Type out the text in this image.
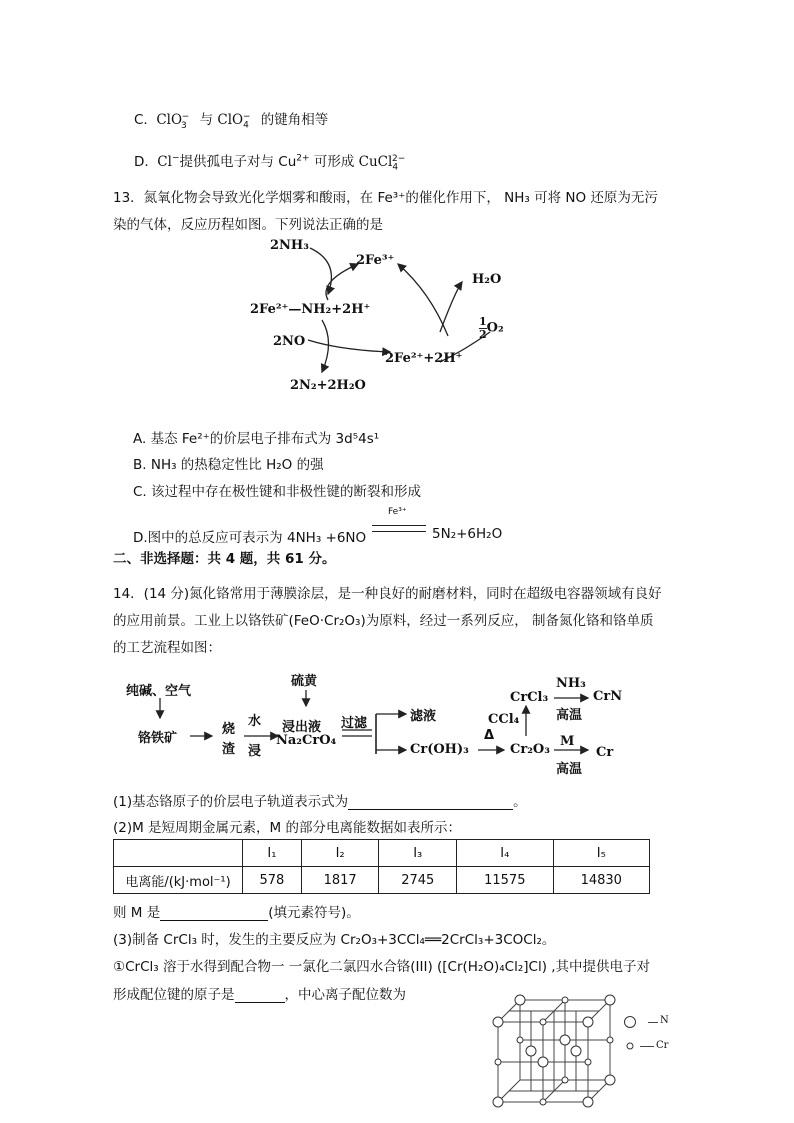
C. ClO$_3$− 与 ClO$_4$− 的键角相等
D. Cl−提供孤电子对与 $Cu^{2+}$ 可形成 CuCl$_4^{2-}$
13．氮氧化物会导致光化学烟雾和酸雨，在 Fe³⁺的催化作用下， NH₃ 可将 NO 还原为无污
染的气体，反应历程如图。下列说法正确的是
2NH₃
2Fe³⁺
H₂O
2Fe²⁺—NH₂+2H⁺
$\frac{1}{2} O_2$
2NO
2Fe²⁺+2H⁺
2N₂+2H₂O
A. 基态 Fe²⁺的价层电子排布式为 3d⁵4s¹
B. NH₃ 的热稳定性比 H₂O 的强
C. 该过程中存在极性键和非极性键的断裂和形成
D.图中的总反应可表示为 4NH₃ +6NO
Fe³⁺
5N₂+6H₂O
二、非选择题：共 4 题，共 61 分。
14．(14 分)氮化铬常用于薄膜涂层，是一种良好的耐磨材料，同时在超级电容器领域有良好
的应用前景。工业上以铬铁矿(FeO·Cr₂O₃)为原料，经过一系列反应， 制备氮化铬和铬单质
的工艺流程如图：
纯碱、空气
铬铁矿
烧
渣
水
浸
硫黄
浸出液
Na₂CrO₄
过滤	滤液
Cr(OH)₃
Δ
Cr₂O₃
CCl₄
CrCl₃
NH₃
高温
CrN
M
高温
Cr
(1)基态铬原子的价层电子轨道表示式为	。
(2)M 是短周期金属元素，M 的部分电离能数据如表所示：
	I₁	I₂	I₃	I₄	I₅
电离能/(kJ·mol⁻¹)	578	1817	2745	11575	14830
则 M 是	(填元素符号)。
(3)制备 CrCl₃ 时，发生的主要反应为 Cr₂O₃+3CCl₄══2CrCl₃+3COCl₂。
①CrCl₃ 溶于水得到配合物一 一氯化二氯四水合铬(III) ([Cr(H₂O)₄Cl₂]Cl) ,其中提供电子对
形成配位键的原子是	，中心离子配位数为
N
Cr
